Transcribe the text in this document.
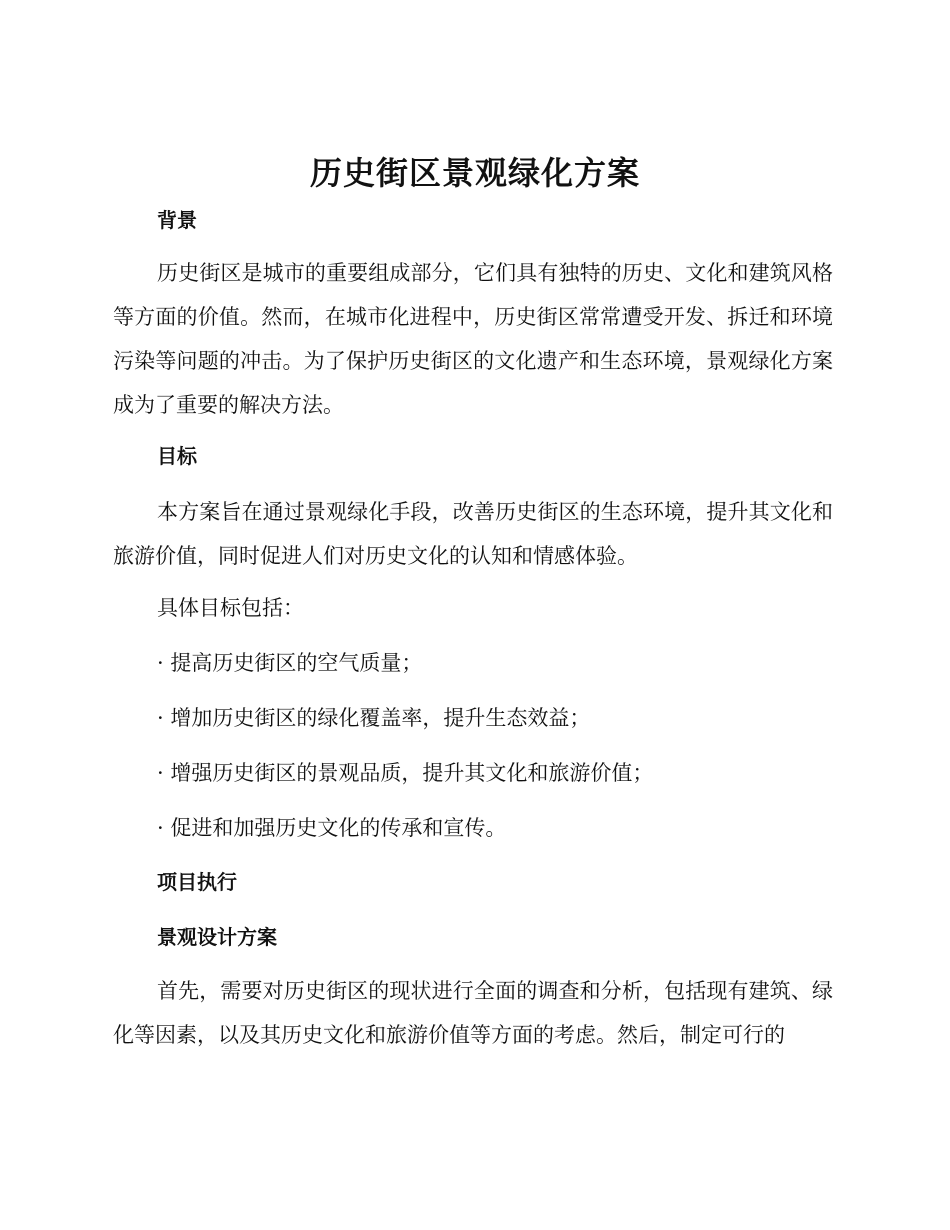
历史街区景观绿化方案
背景

历史街区是城市的重要组成部分，它们具有独特的历史、文化和建筑风格等方面的价值。然而，在城市化进程中，历史街区常常遭受开发、拆迁和环境污染等问题的冲击。为了保护历史街区的文化遗产和生态环境，景观绿化方案成为了重要的解决方法。

目标

本方案旨在通过景观绿化手段，改善历史街区的生态环境，提升其文化和旅游价值，同时促进人们对历史文化的认知和情感体验。

具体目标包括：

· 提高历史街区的空气质量；

· 增加历史街区的绿化覆盖率，提升生态效益；

· 增强历史街区的景观品质，提升其文化和旅游价值；

· 促进和加强历史文化的传承和宣传。

项目执行
景观设计方案

首先，需要对历史街区的现状进行全面的调查和分析，包括现有建筑、绿化等因素，以及其历史文化和旅游价值等方面的考虑。然后，制定可行的
